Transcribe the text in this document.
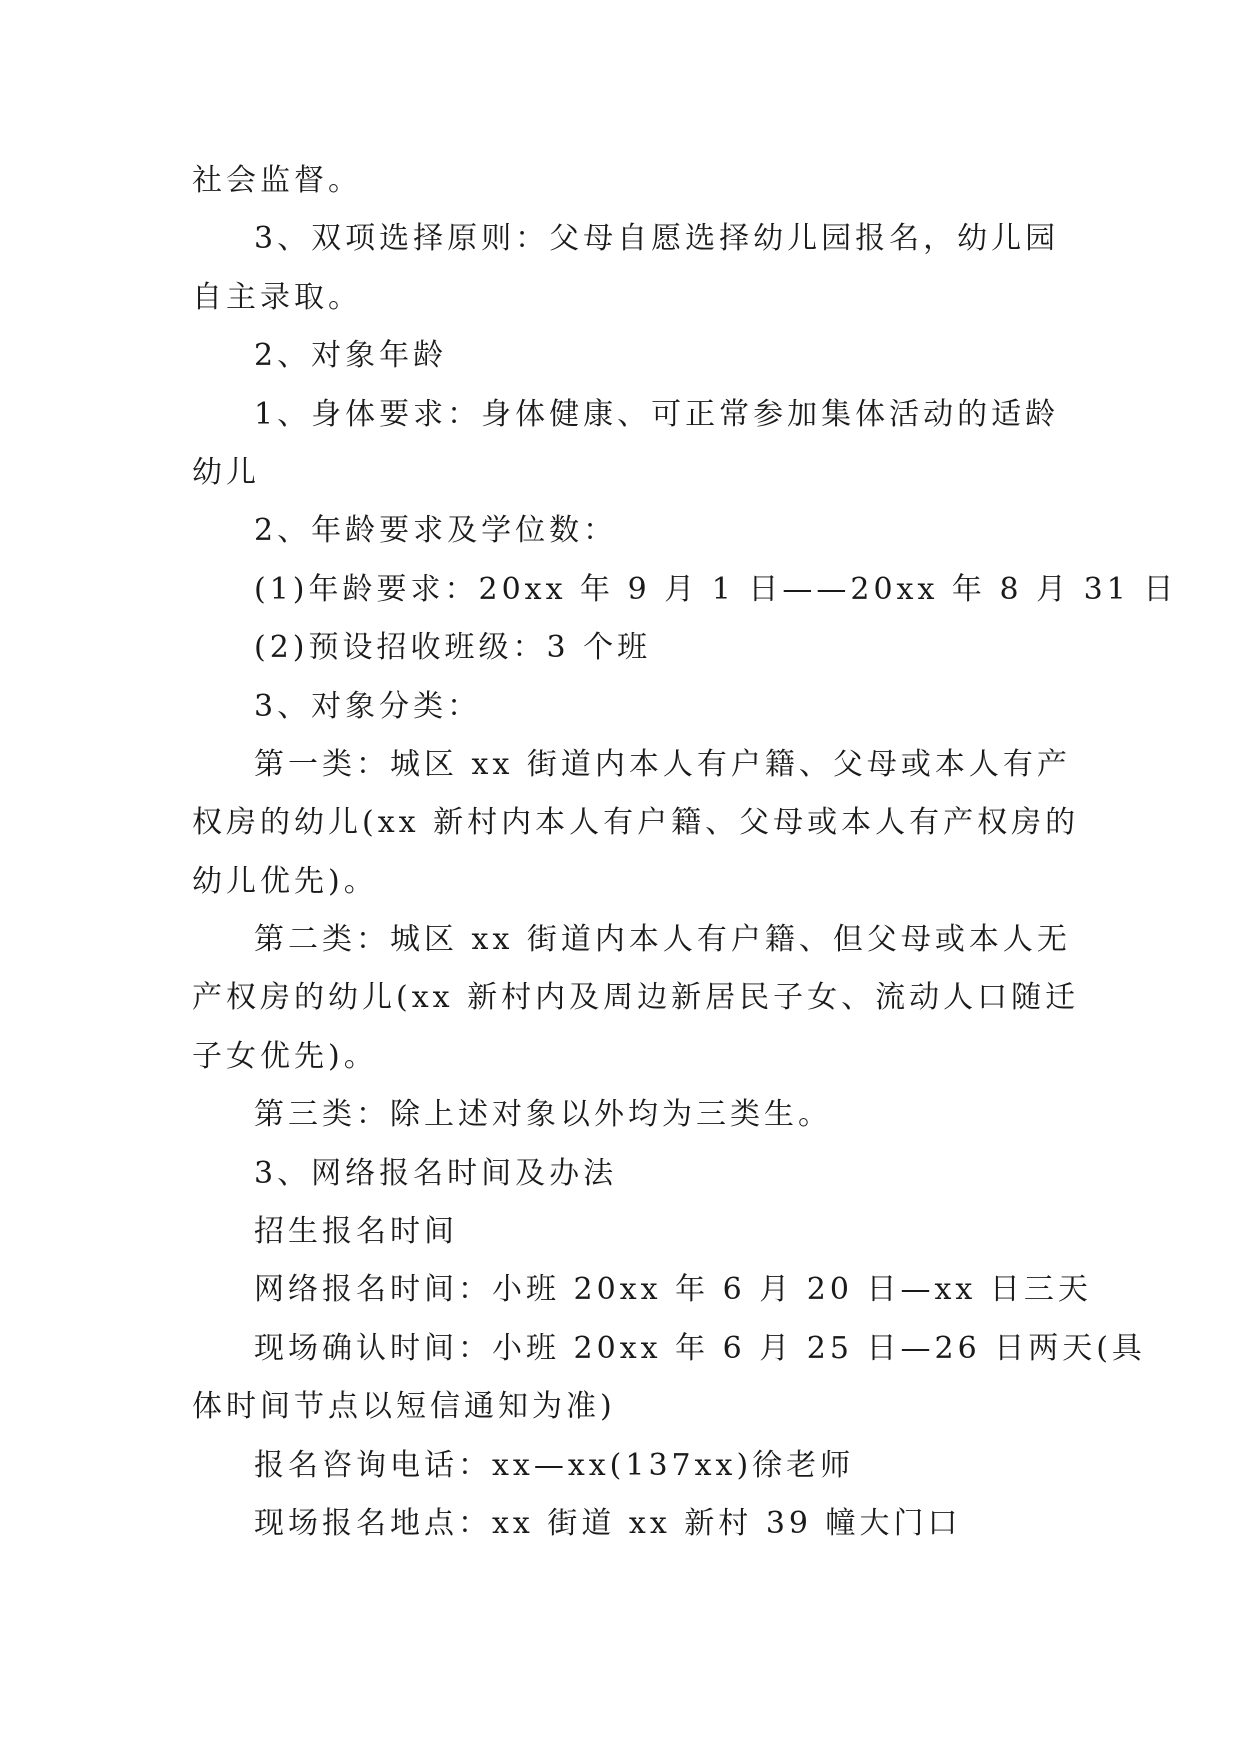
社会监督。
3、双项选择原则：父母自愿选择幼儿园报名，幼儿园
自主录取。
2、对象年龄
1、身体要求：身体健康、可正常参加集体活动的适龄
幼儿
2、年龄要求及学位数：
(1)年龄要求：20xx 年 9 月 1 日——20xx 年 8 月 31 日
(2)预设招收班级：3 个班
3、对象分类：
第一类：城区 xx 街道内本人有户籍、父母或本人有产
权房的幼儿(xx 新村内本人有户籍、父母或本人有产权房的
幼儿优先)。
第二类：城区 xx 街道内本人有户籍、但父母或本人无
产权房的幼儿(xx 新村内及周边新居民子女、流动人口随迁
子女优先)。
第三类：除上述对象以外均为三类生。
3、网络报名时间及办法
招生报名时间
网络报名时间：小班 20xx 年 6 月 20 日—xx 日三天
现场确认时间：小班 20xx 年 6 月 25 日—26 日两天(具
体时间节点以短信通知为准)
报名咨询电话：xx—xx(137xx)徐老师
现场报名地点：xx 街道 xx 新村 39 幢大门口
